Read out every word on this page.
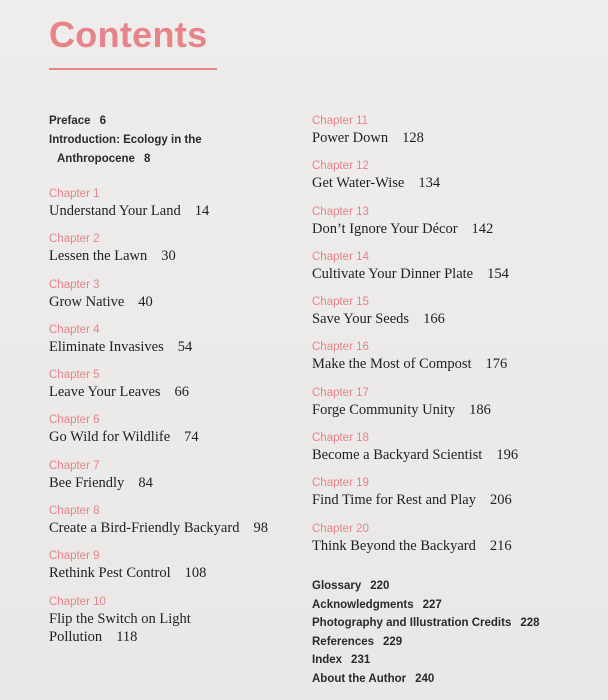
Contents
Preface 6
Introduction: Ecology in the
Anthropocene 8
Chapter 1
Understand Your Land 14
Chapter 2
Lessen the Lawn 30
Chapter 3
Grow Native 40
Chapter 4
Eliminate Invasives 54
Chapter 5
Leave Your Leaves 66
Chapter 6
Go Wild for Wildlife 74
Chapter 7
Bee Friendly 84
Chapter 8
Create a Bird-Friendly Backyard 98
Chapter 9
Rethink Pest Control 108
Chapter 10
Flip the Switch on Light
Pollution 118
Chapter 11
Power Down 128
Chapter 12
Get Water-Wise 134
Chapter 13
Don’t Ignore Your Décor 142
Chapter 14
Cultivate Your Dinner Plate 154
Chapter 15
Save Your Seeds 166
Chapter 16
Make the Most of Compost 176
Chapter 17
Forge Community Unity 186
Chapter 18
Become a Backyard Scientist 196
Chapter 19
Find Time for Rest and Play 206
Chapter 20
Think Beyond the Backyard 216
Glossary 220
Acknowledgments 227
Photography and Illustration Credits 228
References 229
Index 231
About the Author 240
